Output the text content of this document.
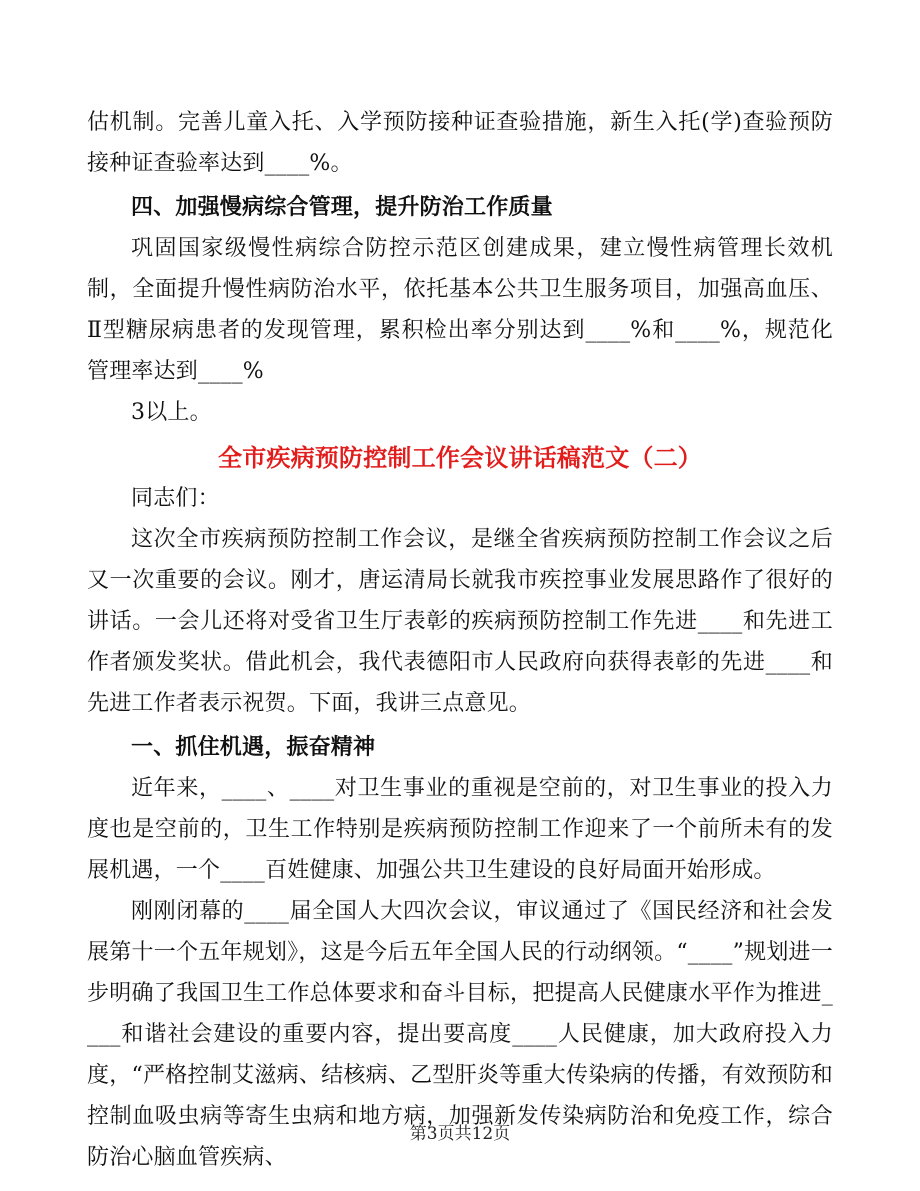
估机制。完善儿童入托、入学预防接种证查验措施，新生入托(学)查验预防接种证查验率达到____%。

四、加强慢病综合管理，提升防治工作质量

巩固国家级慢性病综合防控示范区创建成果，建立慢性病管理长效机制，全面提升慢性病防治水平，依托基本公共卫生服务项目，加强高血压、Ⅱ型糖尿病患者的发现管理，累积检出率分别达到____%和____%，规范化管理率达到____%

3以上。

全市疾病预防控制工作会议讲话稿范文（二）

同志们：

这次全市疾病预防控制工作会议，是继全省疾病预防控制工作会议之后又一次重要的会议。刚才，唐运清局长就我市疾控事业发展思路作了很好的讲话。一会儿还将对受省卫生厅表彰的疾病预防控制工作先进____和先进工作者颁发奖状。借此机会，我代表德阳市人民政府向获得表彰的先进____和先进工作者表示祝贺。下面，我讲三点意见。

一、抓住机遇，振奋精神

近年来，____、____对卫生事业的重视是空前的，对卫生事业的投入力度也是空前的，卫生工作特别是疾病预防控制工作迎来了一个前所未有的发展机遇，一个____百姓健康、加强公共卫生建设的良好局面开始形成。

刚刚闭幕的____届全国人大四次会议，审议通过了《国民经济和社会发展第十一个五年规划》，这是今后五年全国人民的行动纲领。“____”规划进一步明确了我国卫生工作总体要求和奋斗目标，把提高人民健康水平作为推进____和谐社会建设的重要内容，提出要高度____人民健康，加大政府投入力度，“严格控制艾滋病、结核病、乙型肝炎等重大传染病的传播，有效预防和控制血吸虫病等寄生虫病和地方病，加强新发传染病防治和免疫工作，综合防治心脑血管疾病、

第3页共12页
